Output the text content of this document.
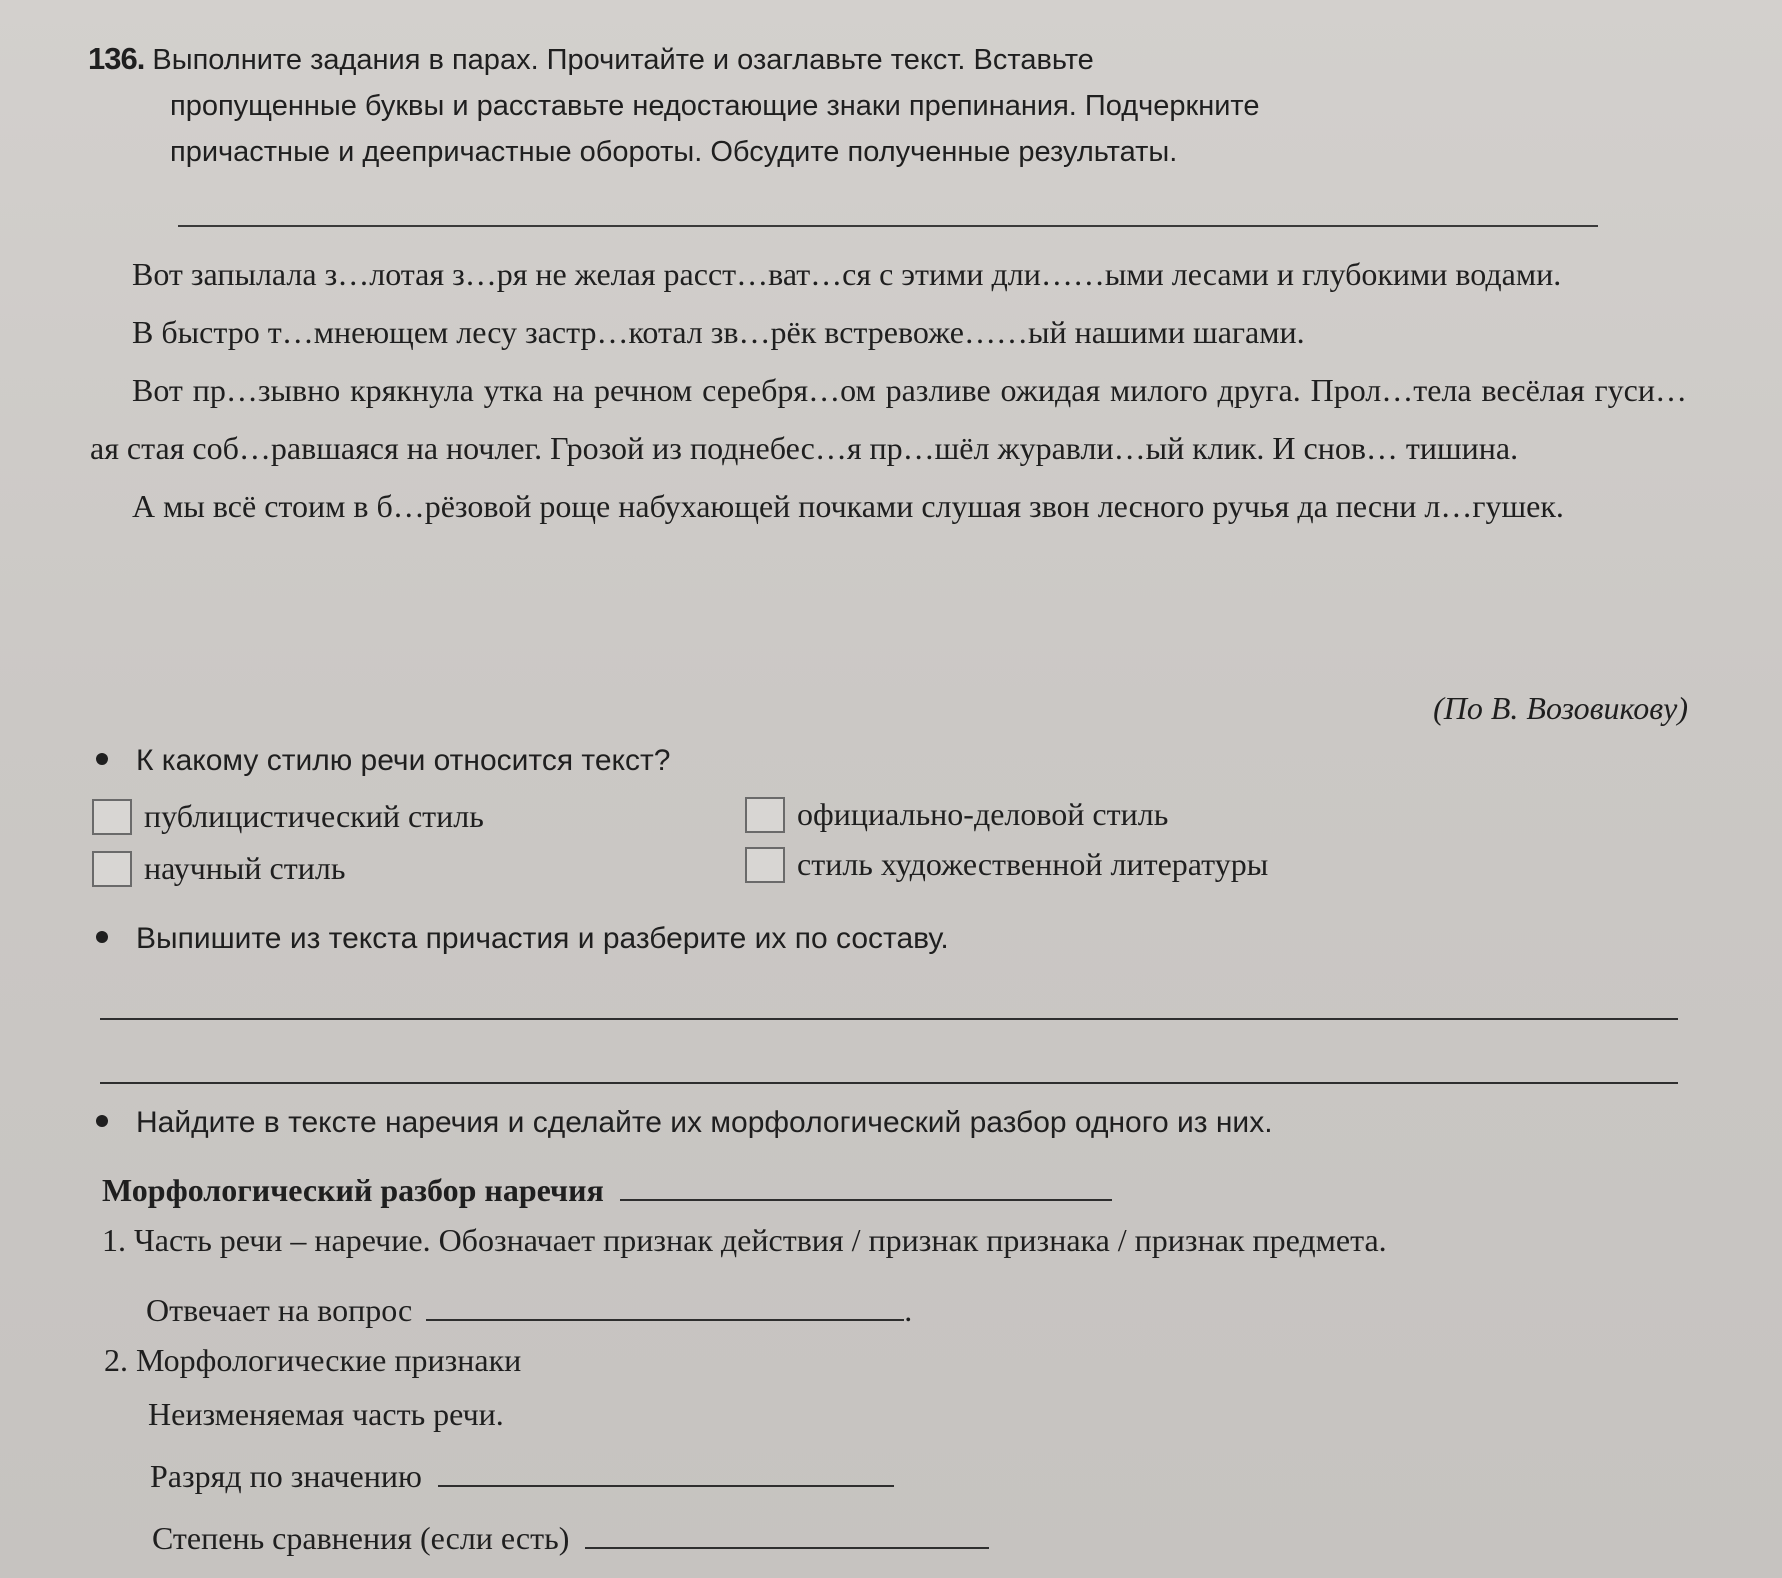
136. Выполните задания в парах. Прочитайте и озаглавьте текст. Вставьте
пропущенные буквы и расставьте недостающие знаки препинания. Подчеркните
причастные и деепричастные обороты. Обсудите полученные результаты.

Вот запылала з…лотая з…ря не желая расст…ват…ся с этими дли……ыми лесами и глубокими водами.

В быстро т…мнеющем лесу застр…котал зв…рёк встревоже……ый нашими шагами.

Вот пр…зывно крякнула утка на речном серебря…ом разливе ожидая милого друга. Прол…тела весёлая гуси…ая стая соб…равшаяся на ночлег. Грозой из поднебес…я пр…шёл журавли…ый клик. И снов… тишина.

А мы всё стоим в б…рёзовой роще набухающей почками слушая звон лесного ручья да песни л…гушек.

(По В. Возовикову)
К какому стилю речи относится текст?
публицистический стиль	официально-деловой стиль
научный стиль	стиль художественной литературы
Выпишите из текста причастия и разберите их по составу.
Найдите в тексте наречия и сделайте их морфологический разбор одного из них.
Морфологический разбор наречия
1. Часть речи – наречие. Обозначает признак действия / признак признака / признак предмета.
Отвечает на вопрос	.
2. Морфологические признаки
Неизменяемая часть речи.
Разряд по значению
Степень сравнения (если есть)
